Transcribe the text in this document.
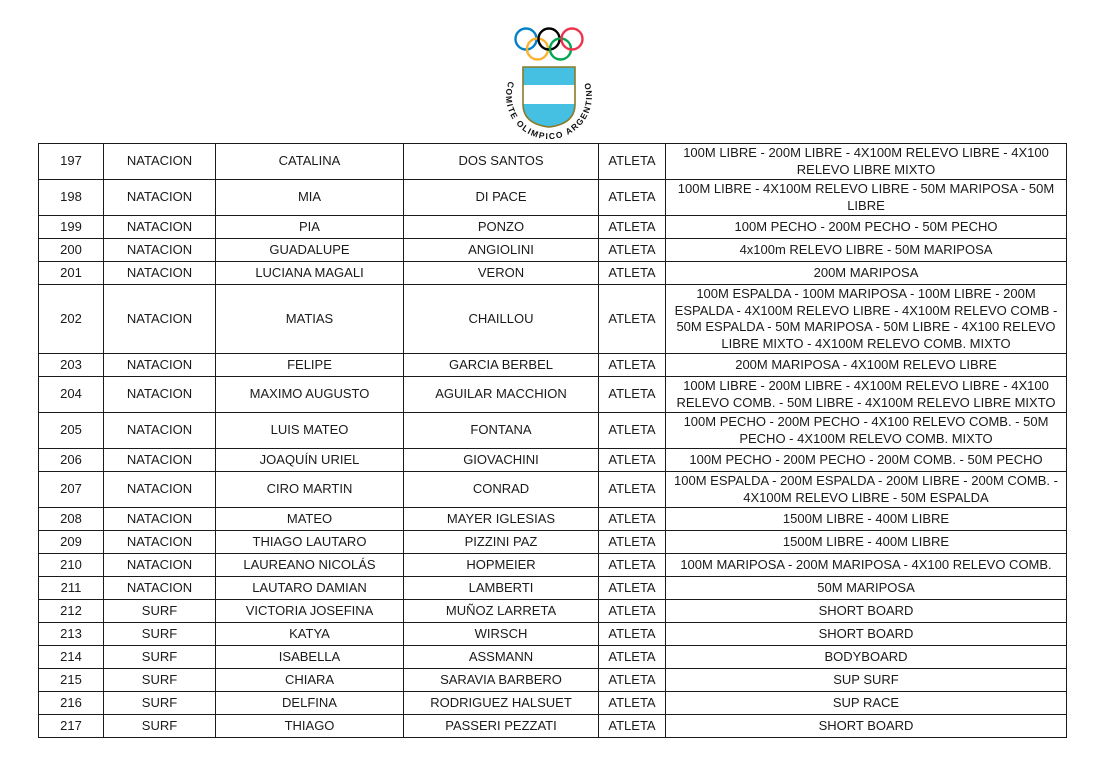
COMITE OLIMPICO ARGENTINO
197	NATACION	CATALINA	DOS SANTOS	ATLETA	100M LIBRE - 200M LIBRE - 4X100M RELEVO LIBRE - 4X100 RELEVO LIBRE MIXTO
198	NATACION	MIA	DI PACE	ATLETA	100M LIBRE - 4X100M RELEVO LIBRE - 50M MARIPOSA - 50M LIBRE
199	NATACION	PIA	PONZO	ATLETA	100M PECHO - 200M PECHO - 50M PECHO
200	NATACION	GUADALUPE	ANGIOLINI	ATLETA	4x100m RELEVO LIBRE - 50M MARIPOSA
201	NATACION	LUCIANA MAGALI	VERON	ATLETA	200M MARIPOSA
202	NATACION	MATIAS	CHAILLOU	ATLETA	100M ESPALDA - 100M MARIPOSA - 100M LIBRE - 200M ESPALDA - 4X100M RELEVO LIBRE - 4X100M RELEVO COMB - 50M ESPALDA - 50M MARIPOSA - 50M LIBRE - 4X100 RELEVO LIBRE MIXTO - 4X100M RELEVO COMB. MIXTO
203	NATACION	FELIPE	GARCIA BERBEL	ATLETA	200M MARIPOSA - 4X100M RELEVO LIBRE
204	NATACION	MAXIMO AUGUSTO	AGUILAR MACCHION	ATLETA	100M LIBRE - 200M LIBRE - 4X100M RELEVO LIBRE - 4X100 RELEVO COMB. - 50M LIBRE - 4X100M RELEVO LIBRE MIXTO
205	NATACION	LUIS MATEO	FONTANA	ATLETA	100M PECHO - 200M PECHO - 4X100 RELEVO COMB. - 50M PECHO - 4X100M RELEVO COMB. MIXTO
206	NATACION	JOAQUÍN URIEL	GIOVACHINI	ATLETA	100M PECHO - 200M PECHO - 200M COMB. - 50M PECHO
207	NATACION	CIRO MARTIN	CONRAD	ATLETA	100M ESPALDA - 200M ESPALDA - 200M LIBRE - 200M COMB. - 4X100M RELEVO LIBRE - 50M ESPALDA
208	NATACION	MATEO	MAYER IGLESIAS	ATLETA	1500M LIBRE - 400M LIBRE
209	NATACION	THIAGO LAUTARO	PIZZINI PAZ	ATLETA	1500M LIBRE - 400M LIBRE
210	NATACION	LAUREANO NICOLÁS	HOPMEIER	ATLETA	100M MARIPOSA - 200M MARIPOSA - 4X100 RELEVO COMB.
211	NATACION	LAUTARO DAMIAN	LAMBERTI	ATLETA	50M MARIPOSA
212	SURF	VICTORIA JOSEFINA	MUÑOZ LARRETA	ATLETA	SHORT BOARD
213	SURF	KATYA	WIRSCH	ATLETA	SHORT BOARD
214	SURF	ISABELLA	ASSMANN	ATLETA	BODYBOARD
215	SURF	CHIARA	SARAVIA BARBERO	ATLETA	SUP SURF
216	SURF	DELFINA	RODRIGUEZ HALSUET	ATLETA	SUP RACE
217	SURF	THIAGO	PASSERI PEZZATI	ATLETA	SHORT BOARD
